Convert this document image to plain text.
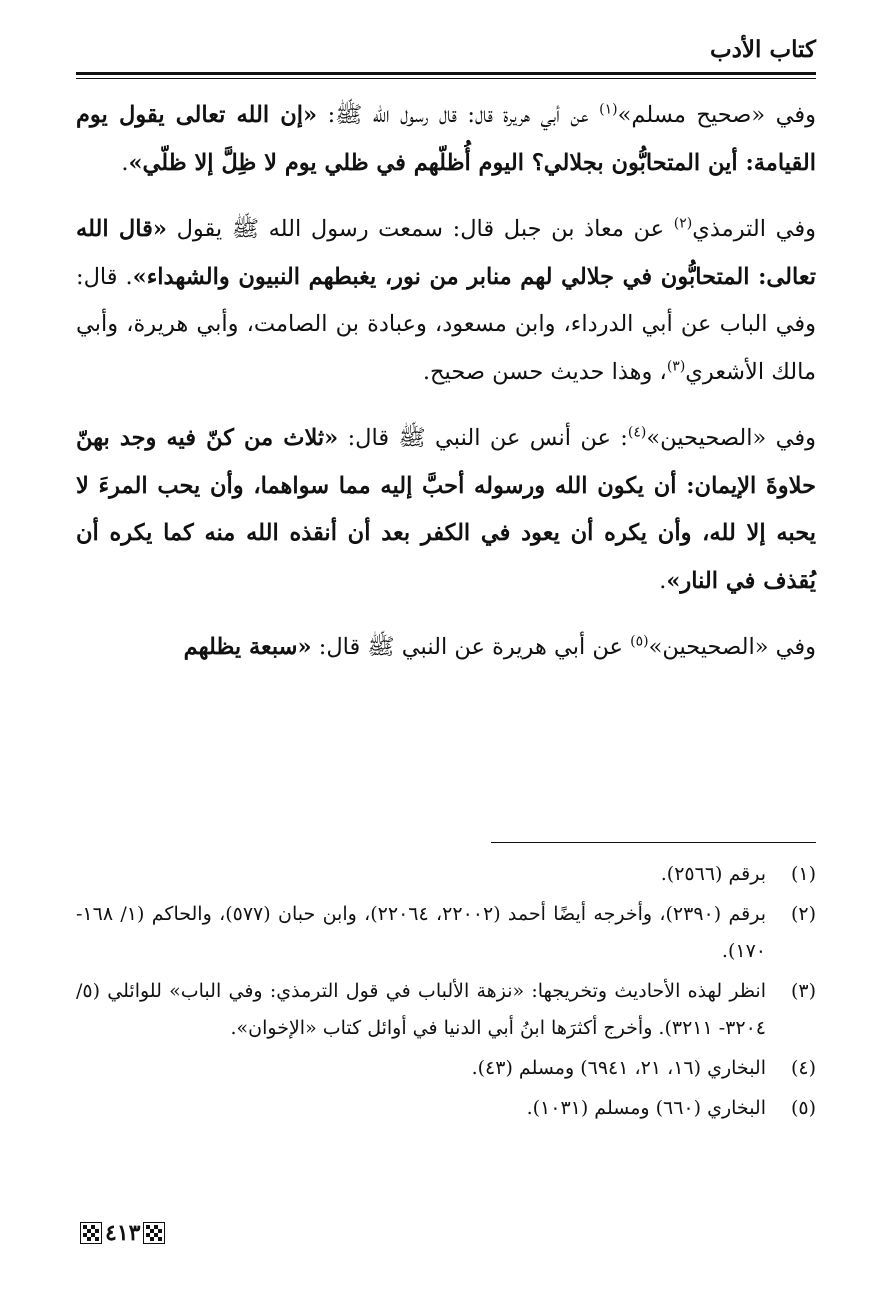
كتاب الأدب

وفي «صحيح مسلم»$^{(١)}$ عن أبي هريرة قال: قال رسول الله ﷺ: «إن الله تعالى يقول يوم القيامة: أين المتحابُّون بجلالي؟ اليوم أُظلّهم في ظلي يوم لا ظِلَّ إلا ظلّي».

وفي الترمذي$^{(٢)}$ عن معاذ بن جبل قال: سمعت رسول الله ﷺ يقول «قال الله تعالى: المتحابُّون في جلالي لهم منابر من نور، يغبطهم النبيون والشهداء». قال: وفي الباب عن أبي الدرداء، وابن مسعود، وعبادة بن الصامت، وأبي هريرة، وأبي مالك الأشعري$^{(٣)}$، وهذا حديث حسن صحيح.

وفي «الصحيحين»$^{(٤)}$: عن أنس عن النبي ﷺ قال: «ثلاث من كنّ فيه وجد بهنّ حلاوةَ الإيمان: أن يكون الله ورسوله أحبَّ إليه مما سواهما، وأن يحب المرءَ لا يحبه إلا لله، وأن يكره أن يعود في الكفر بعد أن أنقذه الله منه كما يكره أن يُقذف في النار».

وفي «الصحيحين»$^{(٥)}$ عن أبي هريرة عن النبي ﷺ قال: «سبعة يظلهم

(١)
برقم (٢٥٦٦).
(٢)
برقم (٢٣٩٠)، وأخرجه أيضًا أحمد (٢٢٠٠٢، ٢٢٠٦٤)، وابن حبان (٥٧٧)، والحاكم (١/ ١٦٨- ١٧٠).
(٣)
انظر لهذه الأحاديث وتخريجها: «نزهة الألباب في قول الترمذي: وفي الباب» للوائلي (٥/ ٣٢٠٤- ٣٢١١). وأخرج أكثرَها ابنُ أبي الدنيا في أوائل كتاب «الإخوان».
(٤)
البخاري (١٦، ٢١، ٦٩٤١) ومسلم (٤٣).
(٥)
البخاري (٦٦٠) ومسلم (١٠٣١).
٤١٣
